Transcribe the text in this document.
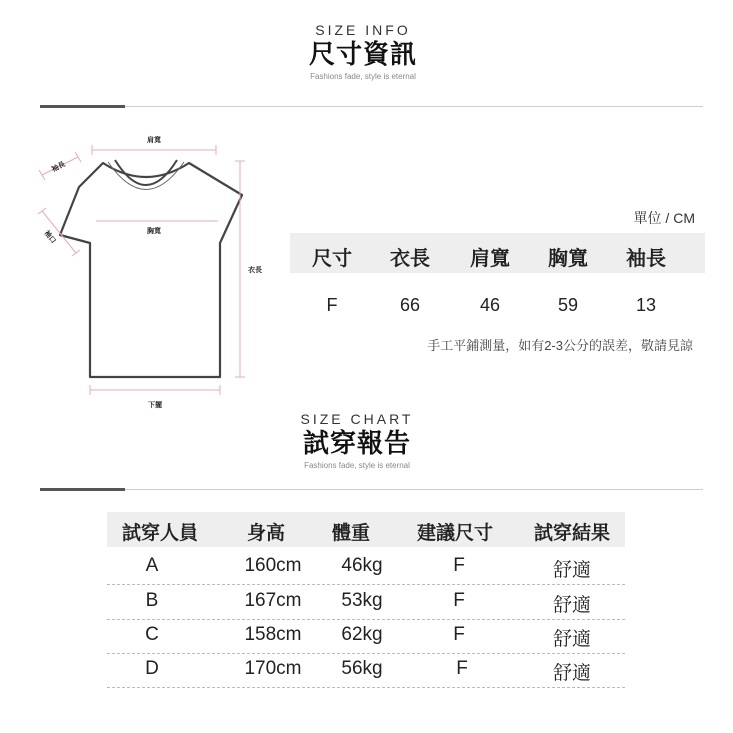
SIZE INFO
尺寸資訊
Fashions fade, style is eternal
肩寬
袖長
袖口	胸寬
衣長
下擺
單位 / CM
尺寸	衣長	肩寬	胸寬	袖長
F	66	46	59	13
手工平鋪測量，如有2-3公分的誤差，敬請見諒
SIZE CHART
試穿報告
Fashions fade, style is eternal
試穿人員	身高 體重 建議尺寸 試穿結果
A	160cm 46kg	F	舒適
B	167cm 53kg	F	舒適
C	158cm 62kg	F	舒適
D	170cm 56kg	F	舒適
